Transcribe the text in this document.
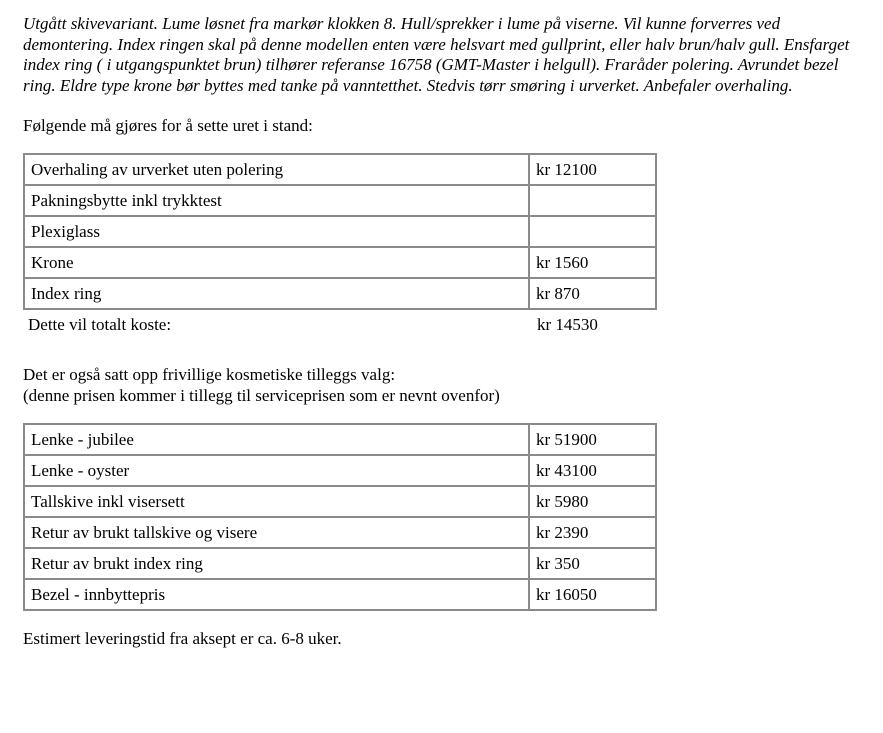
Utgått skivevariant. Lume løsnet fra markør klokken 8. Hull/sprekker i lume på viserne. Vil kunne forverres ved demontering. Index ringen skal på denne modellen enten være helsvart med gullprint, eller halv brun/halv gull. Ensfarget index ring ( i utgangspunktet brun) tilhører referanse 16758 (GMT-Master i helgull). Fraråder polering. Avrundet bezel ring. Eldre type krone bør byttes med tanke på vanntetthet. Stedvis tørr smøring i urverket. Anbefaler overhaling.

Følgende må gjøres for å sette uret i stand:

Overhaling av urverket uten polering	kr 12100
Pakningsbytte inkl trykktest	
Plexiglass	
Krone	kr 1560
Index ring	kr 870
Dette vil totalt koste:	kr 14530

Det er også satt opp frivillige kosmetiske tilleggs valg:
(denne prisen kommer i tillegg til serviceprisen som er nevnt ovenfor)

Lenke - jubilee	kr 51900
Lenke - oyster	kr 43100
Tallskive inkl visersett	kr 5980
Retur av brukt tallskive og visere	kr 2390
Retur av brukt index ring	kr 350
Bezel - innbyttepris	kr 16050

Estimert leveringstid fra aksept er ca. 6-8 uker.
